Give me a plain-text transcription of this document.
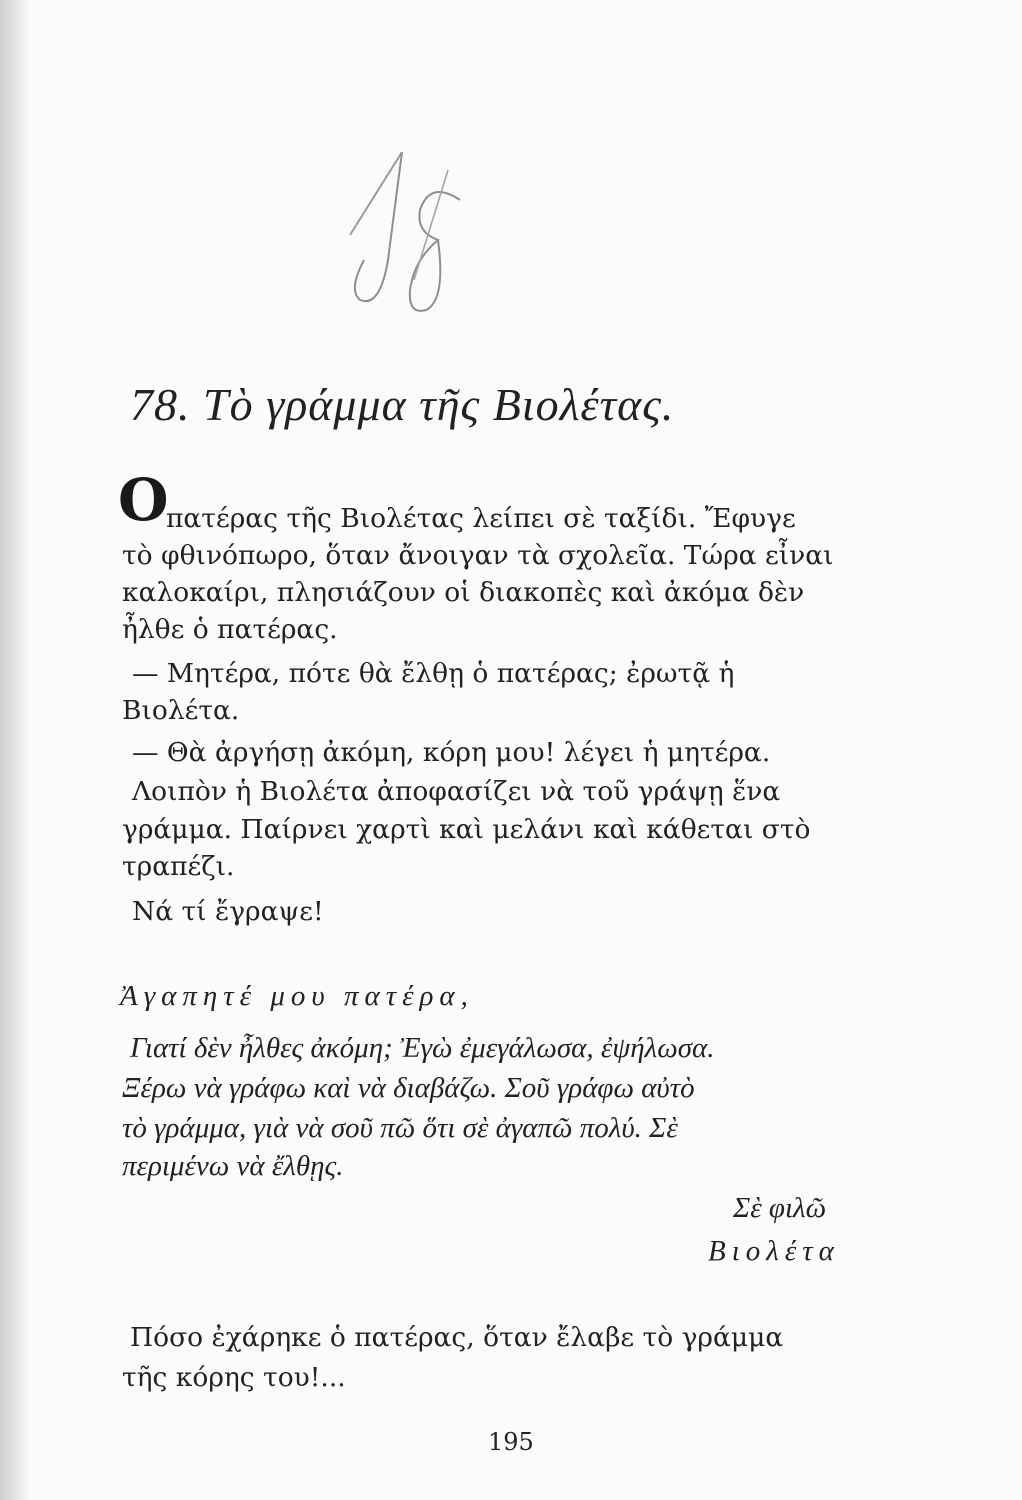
78. Τὸ γράμμα τῆς Βιολέτας.
Ο
πατέρας τῆς Βιολέτας λείπει σὲ ταξίδι. Ἔφυγε
τὸ φθινόπωρο, ὅταν ἄνοιγαν τὰ σχολεῖα. Τώρα εἶναι
καλοκαίρι, πλησιάζουν οἱ διακοπὲς καὶ ἀκόμα δὲν
ἦλθε ὁ πατέρας.
— Μητέρα, πότε θὰ ἔλθῃ ὁ πατέρας; ἐρωτᾷ ἡ
Βιολέτα.
— Θὰ ἀργήσῃ ἀκόμη, κόρη μου! λέγει ἡ μητέρα.
Λοιπὸν ἡ Βιολέτα ἀποφασίζει νὰ τοῦ γράψῃ ἕνα
γράμμα. Παίρνει χαρτὶ καὶ μελάνι καὶ κάθεται στὸ
τραπέζι.
Νά τί ἔγραψε!
Ἀγαπητέ μου πατέρα,
Γιατί δὲν ἦλθες ἀκόμη; Ἐγὼ ἐμεγάλωσα, ἐψήλωσα.
Ξέρω νὰ γράφω καὶ νὰ διαβάζω. Σοῦ γράφω αὐτὸ
τὸ γράμμα, γιὰ νὰ σοῦ πῶ ὅτι σὲ ἀγαπῶ πολύ. Σὲ
περιμένω νὰ ἔλθῃς.
Σὲ φιλῶ
Βιολέτα
Πόσο ἐχάρηκε ὁ πατέρας, ὅταν ἔλαβε τὸ γράμμα
τῆς κόρης του!...
195
